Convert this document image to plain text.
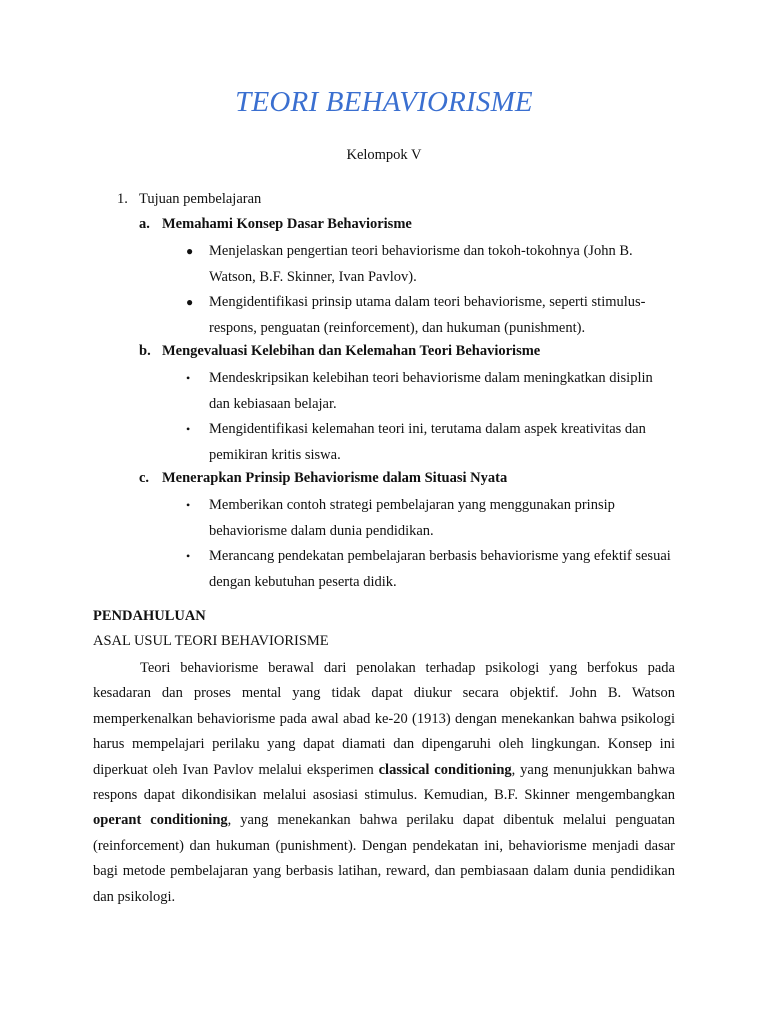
TEORI BEHAVIORISME
Kelompok V
1. Tujuan pembelajaran
a. Memahami Konsep Dasar Behaviorisme
● Menjelaskan pengertian teori behaviorisme dan tokoh-tokohnya (John B. Watson, B.F. Skinner, Ivan Pavlov).
● Mengidentifikasi prinsip utama dalam teori behaviorisme, seperti stimulus-respons, penguatan (reinforcement), dan hukuman (punishment).
b. Mengevaluasi Kelebihan dan Kelemahan Teori Behaviorisme
• Mendeskripsikan kelebihan teori behaviorisme dalam meningkatkan disiplin dan kebiasaan belajar.
• Mengidentifikasi kelemahan teori ini, terutama dalam aspek kreativitas dan pemikiran kritis siswa.
c. Menerapkan Prinsip Behaviorisme dalam Situasi Nyata
• Memberikan contoh strategi pembelajaran yang menggunakan prinsip behaviorisme dalam dunia pendidikan.
• Merancang pendekatan pembelajaran berbasis behaviorisme yang efektif sesuai dengan kebutuhan peserta didik.
PENDAHULUAN
ASAL USUL TEORI BEHAVIORISME
Teori behaviorisme berawal dari penolakan terhadap psikologi yang berfokus pada kesadaran dan proses mental yang tidak dapat diukur secara objektif. John B. Watson memperkenalkan behaviorisme pada awal abad ke-20 (1913) dengan menekankan bahwa psikologi harus mempelajari perilaku yang dapat diamati dan dipengaruhi oleh lingkungan. Konsep ini diperkuat oleh Ivan Pavlov melalui eksperimen classical conditioning, yang menunjukkan bahwa respons dapat dikondisikan melalui asosiasi stimulus. Kemudian, B.F. Skinner mengembangkan operant conditioning, yang menekankan bahwa perilaku dapat dibentuk melalui penguatan (reinforcement) dan hukuman (punishment). Dengan pendekatan ini, behaviorisme menjadi dasar bagi metode pembelajaran yang berbasis latihan, reward, dan pembiasaan dalam dunia pendidikan dan psikologi.
